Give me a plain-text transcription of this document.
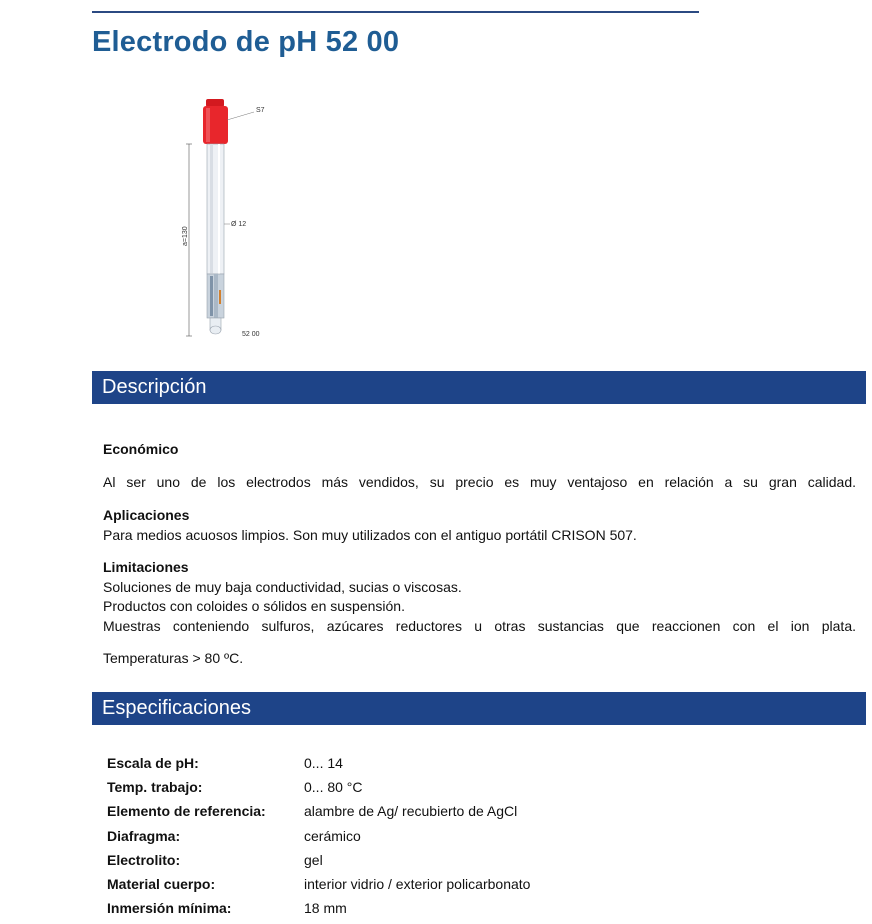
Electrodo de pH 52 00
a=130
S7
Ø 12
52 00
Descripción
Económico
Al ser uno de los electrodos más vendidos, su precio es muy ventajoso en relación a su gran calidad.

Aplicaciones

Para medios acuosos limpios. Son muy utilizados con el antiguo portátil CRISON 507.

Limitaciones

Soluciones de muy baja conductividad, sucias o viscosas.

Productos con coloides o sólidos en suspensión.

Muestras conteniendo sulfuros, azúcares reductores u otras sustancias que reaccionen con el ion plata.

Temperaturas > 80 ºC.
Especificaciones
Escala de pH:	0... 14
Temp. trabajo:	0... 80 °C
Elemento de referencia:	alambre de Ag/ recubierto de AgCl
Diafragma:	cerámico
Electrolito:	gel
Material cuerpo:	interior vidrio / exterior policarbonato
Inmersión mínima:	18 mm
